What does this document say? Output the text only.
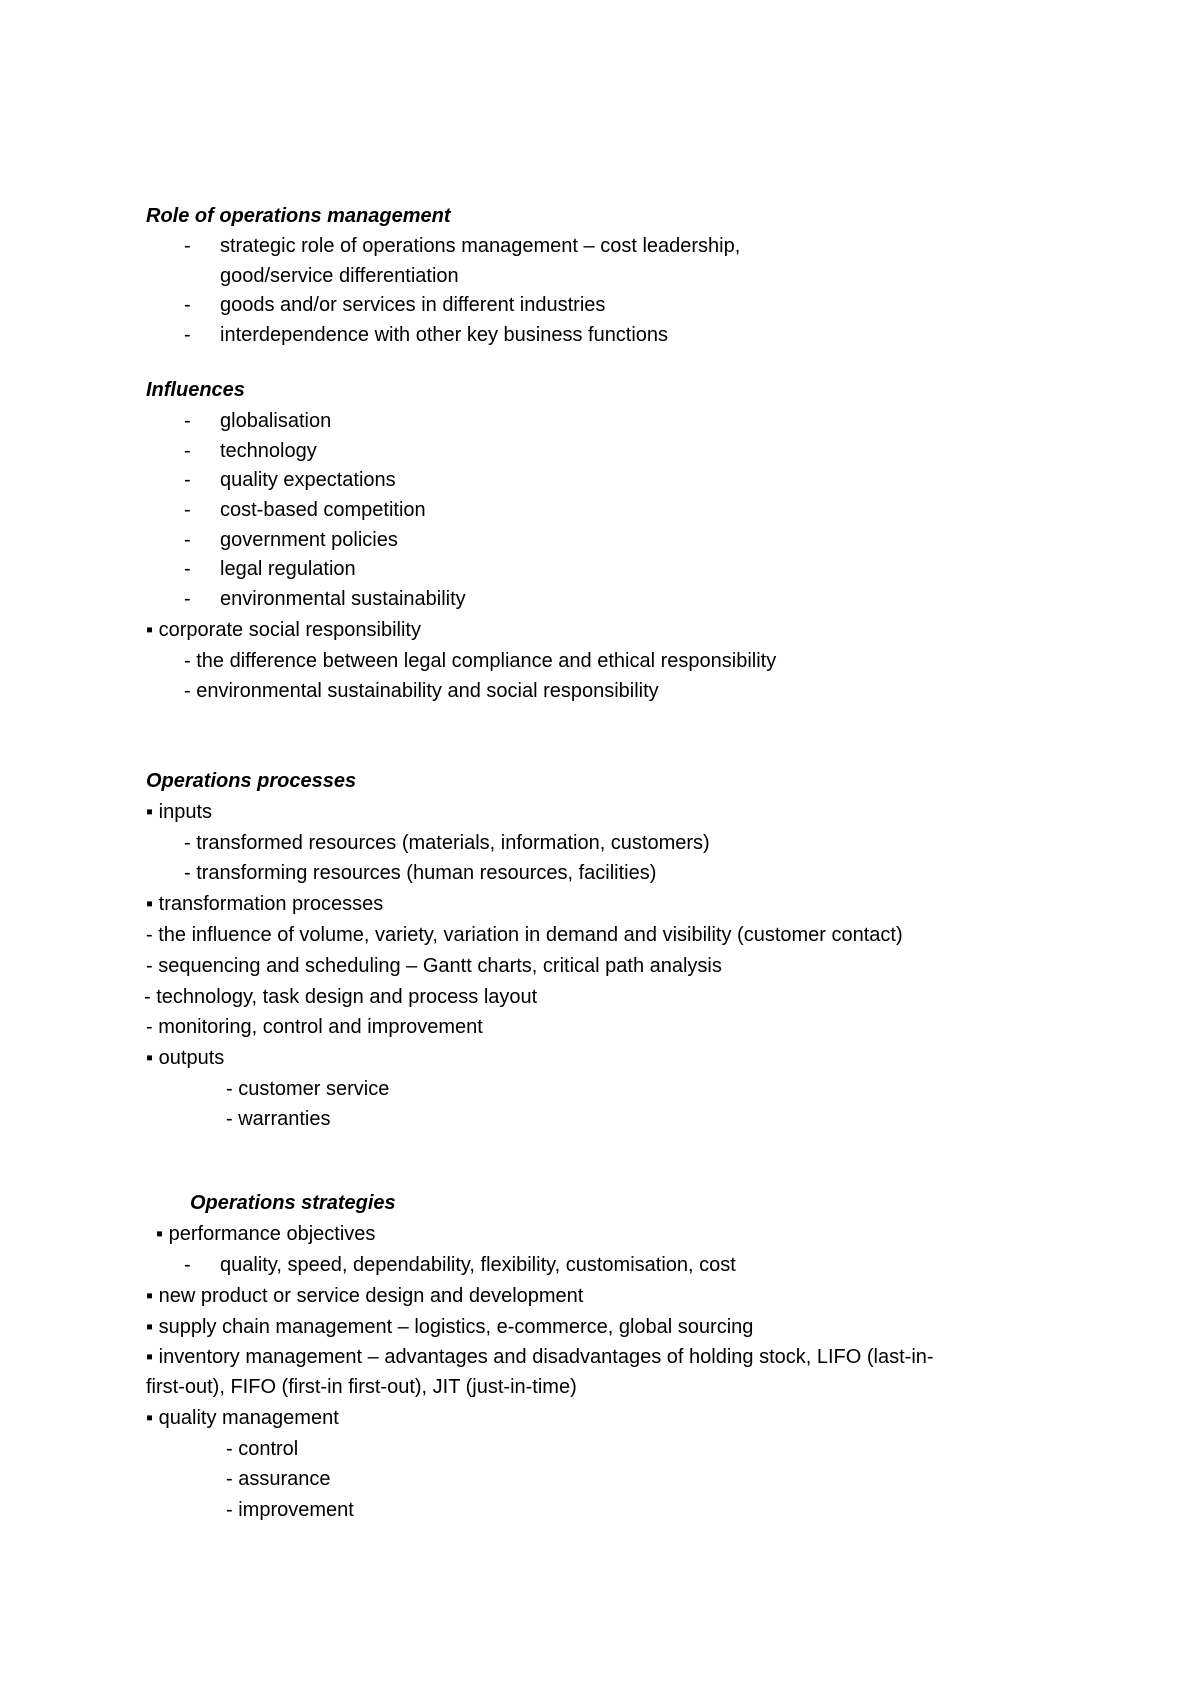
Role of operations management
- strategic role of operations management – cost leadership,
good/service differentiation
- goods and/or services in different industries
- interdependence with other key business functions
Influences
- globalisation
- technology
- quality expectations
- cost-based competition
- government policies
- legal regulation
- environmental sustainability
▪ corporate social responsibility
- the difference between legal compliance and ethical responsibility
- environmental sustainability and social responsibility
Operations processes
▪ inputs
- transformed resources (materials, information, customers)
- transforming resources (human resources, facilities)
▪ transformation processes
- the influence of volume, variety, variation in demand and visibility (customer contact)
- sequencing and scheduling – Gantt charts, critical path analysis
- technology, task design and process layout
- monitoring, control and improvement
▪ outputs
- customer service
- warranties
Operations strategies
▪ performance objectives
- quality, speed, dependability, flexibility, customisation, cost
▪ new product or service design and development
▪ supply chain management – logistics, e-commerce, global sourcing
▪ inventory management – advantages and disadvantages of holding stock, LIFO (last-in-
first-out), FIFO (first-in first-out), JIT (just-in-time)
▪ quality management
- control
- assurance
- improvement
